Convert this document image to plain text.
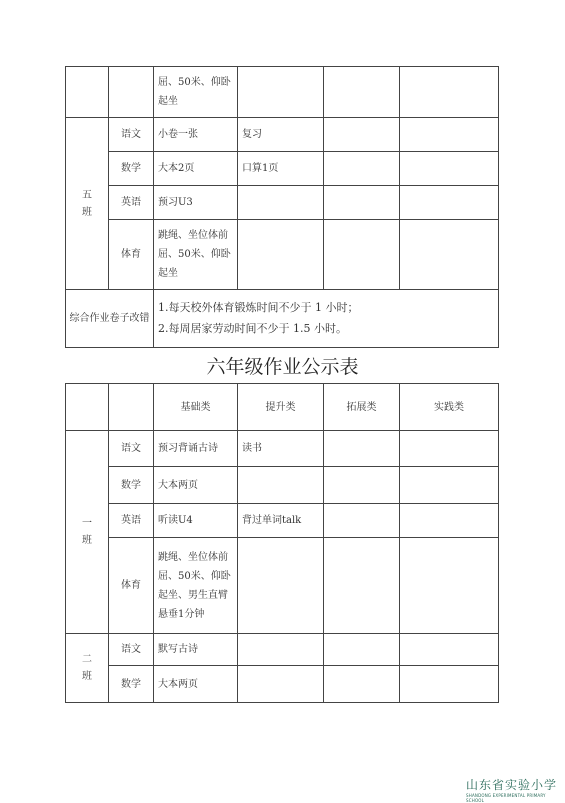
		屈、50米、仰卧起坐			

五
班	语文	小卷一张	复习		
	数学	大本2页	口算1页		
	英语	预习U3			
	体育	跳绳、坐位体前屈、50米、仰卧起坐			
综合作业卷子改错		1.每天校外体育锻炼时间不少于 1 小时；
2.每周居家劳动时间不少于 1.5 小时。			
六年级作业公示表
		基础类	提升类	拓展类	实践类

一
班	语文	预习背诵古诗	读书		
	数学	大本两页			
	英语	听读U4	背过单词talk		
	体育	跳绳、坐位体前屈、50米、仰卧起坐、男生直臂悬垂1分钟			

二
班	语文	默写古诗			
	数学	大本两页			
山东省实验小学
SHANDONG EXPERIMENTAL PRIMARY SCHOOL
